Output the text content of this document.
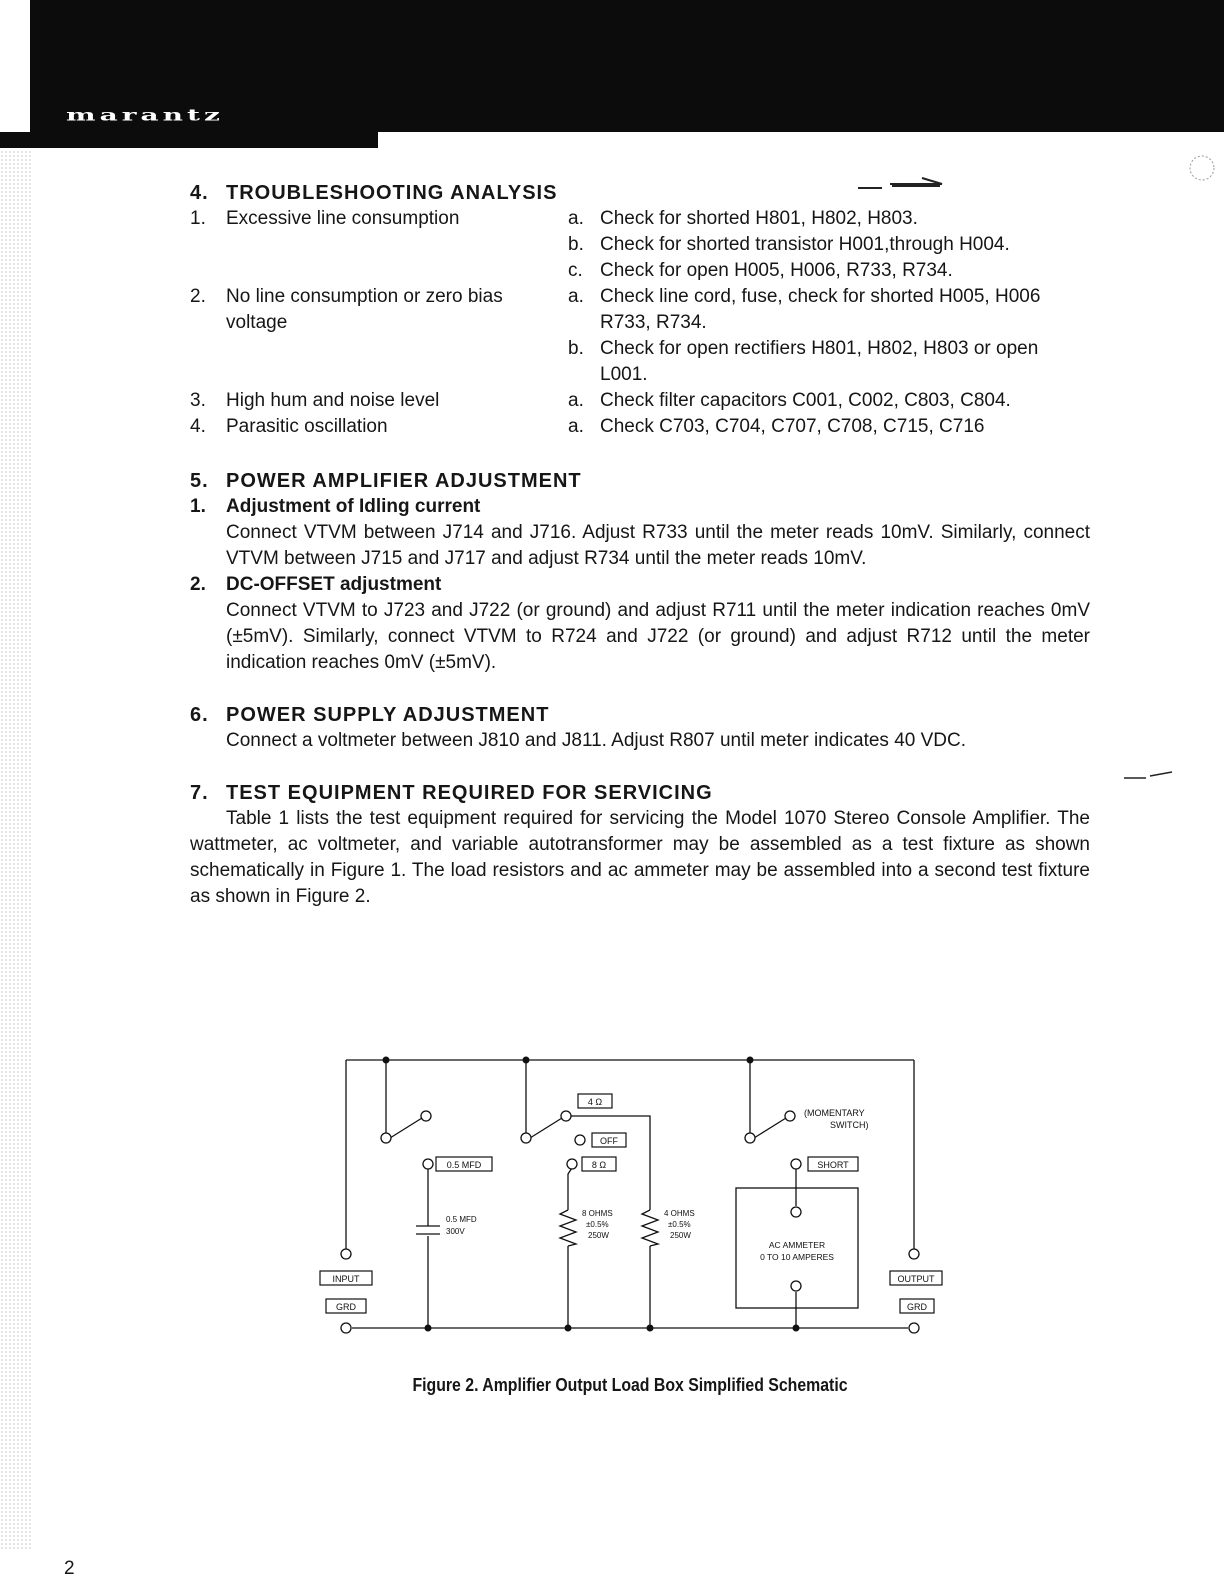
marantz
4. TROUBLESHOOTING ANALYSIS
1.	Excessive line consumption	a. Check for shorted H801, H802, H803.
b. Check for shorted transistor H001,through H004.
c. Check for open H005, H006, R733, R734.
2.	No line consumption or zero bias voltage
a. Check line cord, fuse, check for shorted H005, H006 R733, R734.
b. Check for open rectifiers H801, H802, H803 or open L001.
3.	High hum and noise level	a. Check filter capacitors C001, C002, C803, C804.
4.	Parasitic oscillation	a. Check C703, C704, C707, C708, C715, C716
5. POWER AMPLIFIER ADJUSTMENT
1.	Adjustment of Idling current
Connect VTVM between J714 and J716. Adjust R733 until the meter reads 10mV. Similarly, connect VTVM between J715 and J717 and adjust R734 until the meter reads 10mV.
2.	DC-OFFSET adjustment
Connect VTVM to J723 and J722 (or ground) and adjust R711 until the meter indication reaches 0mV (±5mV). Similarly, connect VTVM to R724 and J722 (or ground) and adjust R712 until the meter indication reaches 0mV (±5mV).
6. POWER SUPPLY ADJUSTMENT
Connect a voltmeter between J810 and J811. Adjust R807 until meter indicates 40 VDC.
7. TEST EQUIPMENT REQUIRED FOR SERVICING
Table 1 lists the test equipment required for servicing the Model 1070 Stereo Console Amplifier. The wattmeter, ac voltmeter, and variable autotransformer may be assembled as a test fixture as shown schematically in Figure 1. The load resistors and ac ammeter may be assembled into a second test fixture as shown in Figure 2.
4 Ω
OFF
8 Ω
0.5 MFD	SHORT
(MOMENTARY
SWITCH)
0.5 MFD
300V
8 OHMS
±0.5%
250W
4 OHMS
±0.5%
250W
AC AMMETER
0 TO 10 AMPERES
INPUT
GRD
OUTPUT
GRD
Figure 2. Amplifier Output Load Box Simplified Schematic
2
